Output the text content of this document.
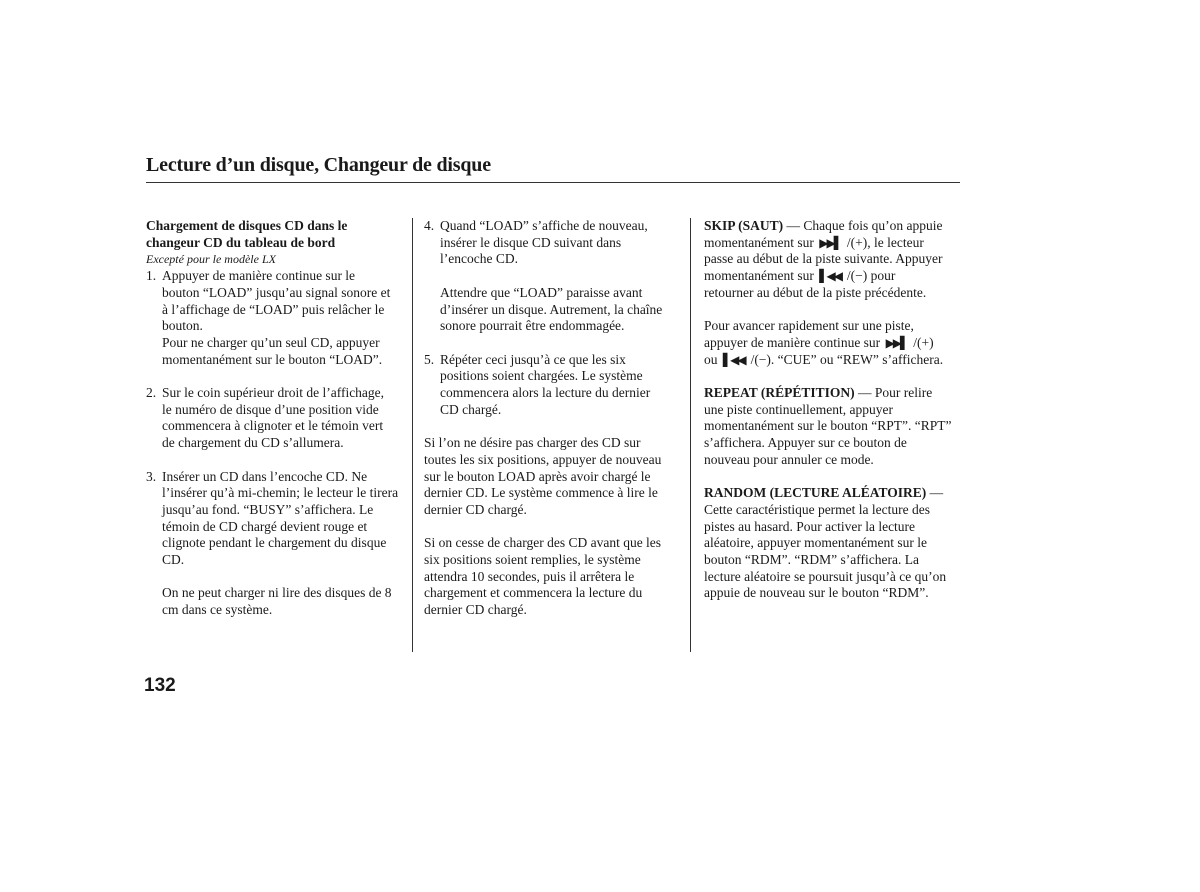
Lecture d’un disque, Changeur de disque

Chargement de disques CD dans le

changeur CD du tableau de bord

Excepté pour le modèle LX

1. Appuyer de manière continue sur le

bouton “LOAD” jusqu’au signal sonore et

à l’affichage de “LOAD” puis relâcher le

bouton.

Pour ne charger qu’un seul CD, appuyer

momentanément sur le bouton “LOAD”.

2. Sur le coin supérieur droit de l’affichage,

le numéro de disque d’une position vide

commencera à clignoter et le témoin vert

de chargement du CD s’allumera.

3. Insérer un CD dans l’encoche CD. Ne

l’insérer qu’à mi-chemin; le lecteur le tirera

jusqu’au fond. “BUSY” s’affichera. Le

témoin de CD chargé devient rouge et

clignote pendant le chargement du disque

CD.

On ne peut charger ni lire des disques de 8

cm dans ce système.

4. Quand “LOAD” s’affiche de nouveau,

insérer le disque CD suivant dans

l’encoche CD.

Attendre que “LOAD” paraisse avant

d’insérer un disque. Autrement, la chaîne

sonore pourrait être endommagée.

5. Répéter ceci jusqu’à ce que les six

positions soient chargées. Le système

commencera alors la lecture du dernier

CD chargé.

Si l’on ne désire pas charger des CD sur

toutes les six positions, appuyer de nouveau

sur le bouton LOAD après avoir chargé le

dernier CD. Le système commence à lire le

dernier CD chargé.

Si on cesse de charger des CD avant que les

six positions soient remplies, le système

attendra 10 secondes, puis il arrêtera le

chargement et commencera la lecture du

dernier CD chargé.

SKIP (SAUT) — Chaque fois qu’on appuie

momentanément sur ▶▶▌ /(+), le lecteur

passe au début de la piste suivante. Appuyer

momentanément sur ▌◀◀ /(−) pour

retourner au début de la piste précédente.

Pour avancer rapidement sur une piste,

appuyer de manière continue sur ▶▶▌ /(+)

ou ▌◀◀ /(−). “CUE” ou “REW” s’affichera.

REPEAT (RÉPÉTITION) — Pour relire

une piste continuellement, appuyer

momentanément sur le bouton “RPT”. “RPT”

s’affichera. Appuyer sur ce bouton de

nouveau pour annuler ce mode.

RANDOM (LECTURE ALÉATOIRE) —

Cette caractéristique permet la lecture des

pistes au hasard. Pour activer la lecture

aléatoire, appuyer momentanément sur le

bouton “RDM”. “RDM” s’affichera. La

lecture aléatoire se poursuit jusqu’à ce qu’on

appuie de nouveau sur le bouton “RDM”.

132
